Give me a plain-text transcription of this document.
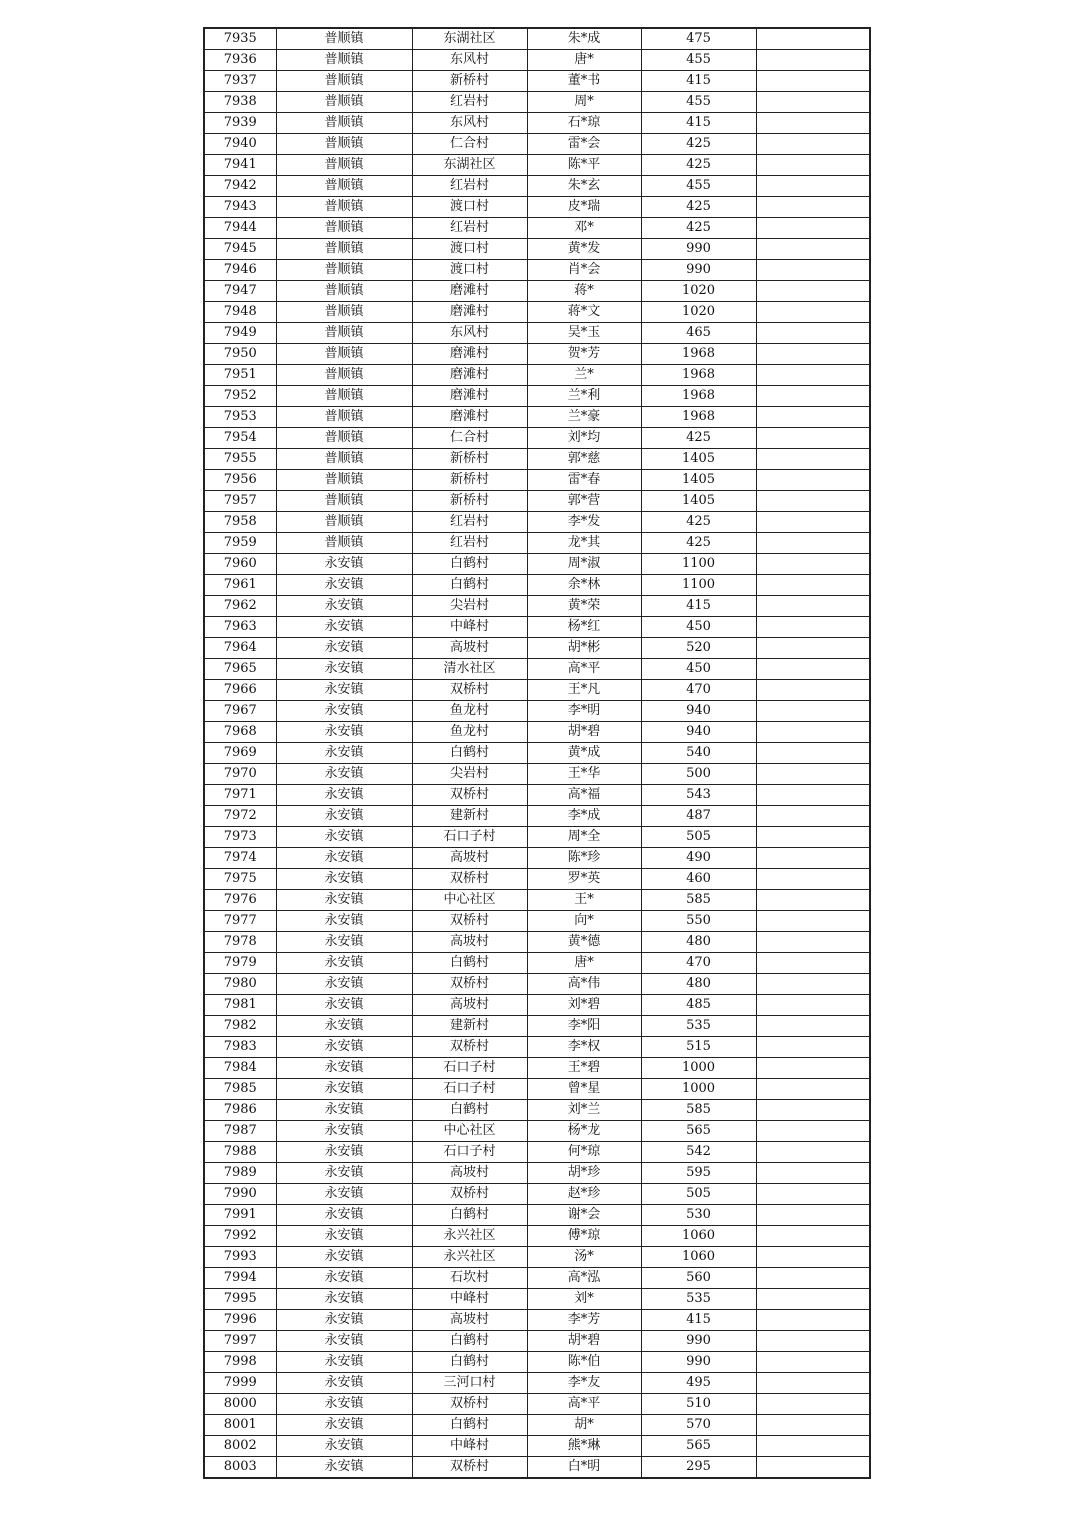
7935	普顺镇	东湖社区	朱*成	475	
7936	普顺镇	东风村	唐*	455	
7937	普顺镇	新桥村	董*书	415	
7938	普顺镇	红岩村	周*	455	
7939	普顺镇	东风村	石*琼	415	
7940	普顺镇	仁合村	雷*会	425	
7941	普顺镇	东湖社区	陈*平	425	
7942	普顺镇	红岩村	朱*玄	455	
7943	普顺镇	渡口村	皮*瑞	425	
7944	普顺镇	红岩村	邓*	425	
7945	普顺镇	渡口村	黄*发	990	
7946	普顺镇	渡口村	肖*会	990	
7947	普顺镇	磨滩村	蒋*	1020	
7948	普顺镇	磨滩村	蒋*文	1020	
7949	普顺镇	东风村	吴*玉	465	
7950	普顺镇	磨滩村	贺*芳	1968	
7951	普顺镇	磨滩村	兰*	1968	
7952	普顺镇	磨滩村	兰*利	1968	
7953	普顺镇	磨滩村	兰*豪	1968	
7954	普顺镇	仁合村	刘*均	425	
7955	普顺镇	新桥村	郭*慈	1405	
7956	普顺镇	新桥村	雷*春	1405	
7957	普顺镇	新桥村	郭*营	1405	
7958	普顺镇	红岩村	李*发	425	
7959	普顺镇	红岩村	龙*其	425	
7960	永安镇	白鹤村	周*淑	1100	
7961	永安镇	白鹤村	余*林	1100	
7962	永安镇	尖岩村	黄*荣	415	
7963	永安镇	中峰村	杨*红	450	
7964	永安镇	高坡村	胡*彬	520	
7965	永安镇	清水社区	高*平	450	
7966	永安镇	双桥村	王*凡	470	
7967	永安镇	鱼龙村	李*明	940	
7968	永安镇	鱼龙村	胡*碧	940	
7969	永安镇	白鹤村	黄*成	540	
7970	永安镇	尖岩村	王*华	500	
7971	永安镇	双桥村	高*福	543	
7972	永安镇	建新村	李*成	487	
7973	永安镇	石口子村	周*全	505	
7974	永安镇	高坡村	陈*珍	490	
7975	永安镇	双桥村	罗*英	460	
7976	永安镇	中心社区	王*	585	
7977	永安镇	双桥村	向*	550	
7978	永安镇	高坡村	黄*德	480	
7979	永安镇	白鹤村	唐*	470	
7980	永安镇	双桥村	高*伟	480	
7981	永安镇	高坡村	刘*碧	485	
7982	永安镇	建新村	李*阳	535	
7983	永安镇	双桥村	李*权	515	
7984	永安镇	石口子村	王*碧	1000	
7985	永安镇	石口子村	曾*星	1000	
7986	永安镇	白鹤村	刘*兰	585	
7987	永安镇	中心社区	杨*龙	565	
7988	永安镇	石口子村	何*琼	542	
7989	永安镇	高坡村	胡*珍	595	
7990	永安镇	双桥村	赵*珍	505	
7991	永安镇	白鹤村	谢*会	530	
7992	永安镇	永兴社区	傅*琼	1060	
7993	永安镇	永兴社区	汤*	1060	
7994	永安镇	石坎村	高*泓	560	
7995	永安镇	中峰村	刘*	535	
7996	永安镇	高坡村	李*芳	415	
7997	永安镇	白鹤村	胡*碧	990	
7998	永安镇	白鹤村	陈*伯	990	
7999	永安镇	三河口村	李*友	495	
8000	永安镇	双桥村	高*平	510	
8001	永安镇	白鹤村	胡*	570	
8002	永安镇	中峰村	熊*琳	565	
8003	永安镇	双桥村	白*明	295	
